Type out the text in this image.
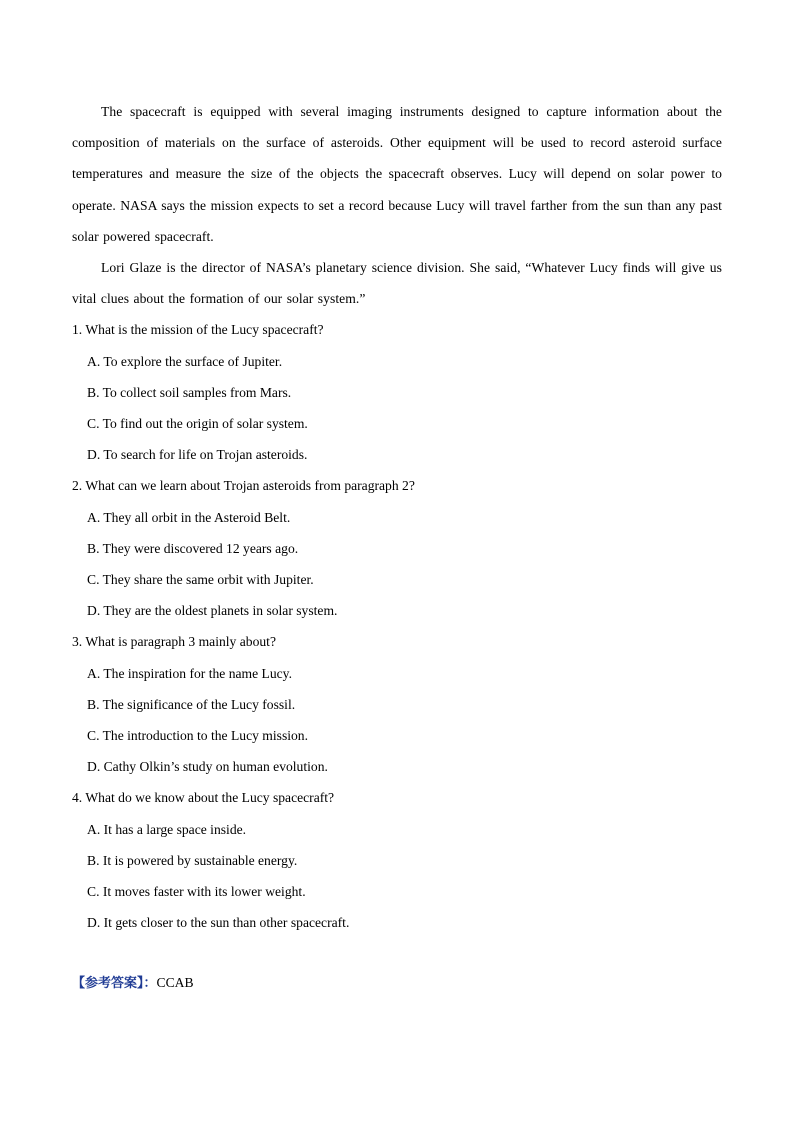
The spacecraft is equipped with several imaging instruments designed to capture information about the composition of materials on the surface of asteroids. Other equipment will be used to record asteroid surface temperatures and measure the size of the objects the spacecraft observes. Lucy will depend on solar power to operate. NASA says the mission expects to set a record because Lucy will travel farther from the sun than any past solar powered spacecraft.

Lori Glaze is the director of NASA’s planetary science division. She said, “Whatever Lucy finds will give us vital clues about the formation of our solar system.”

1. What is the mission of the Lucy spacecraft?

A. To explore the surface of Jupiter.

B. To collect soil samples from Mars.

C. To find out the origin of solar system.

D. To search for life on Trojan asteroids.

2. What can we learn about Trojan asteroids from paragraph 2?

A. They all orbit in the Asteroid Belt.

B. They were discovered 12 years ago.

C. They share the same orbit with Jupiter.

D. They are the oldest planets in solar system.

3. What is paragraph 3 mainly about?

A. The inspiration for the name Lucy.

B. The significance of the Lucy fossil.

C. The introduction to the Lucy mission.

D. Cathy Olkin’s study on human evolution.

4. What do we know about the Lucy spacecraft?

A. It has a large space inside.

B. It is powered by sustainable energy.

C. It moves faster with its lower weight.

D. It gets closer to the sun than other spacecraft.

【参考答案】：CCAB
